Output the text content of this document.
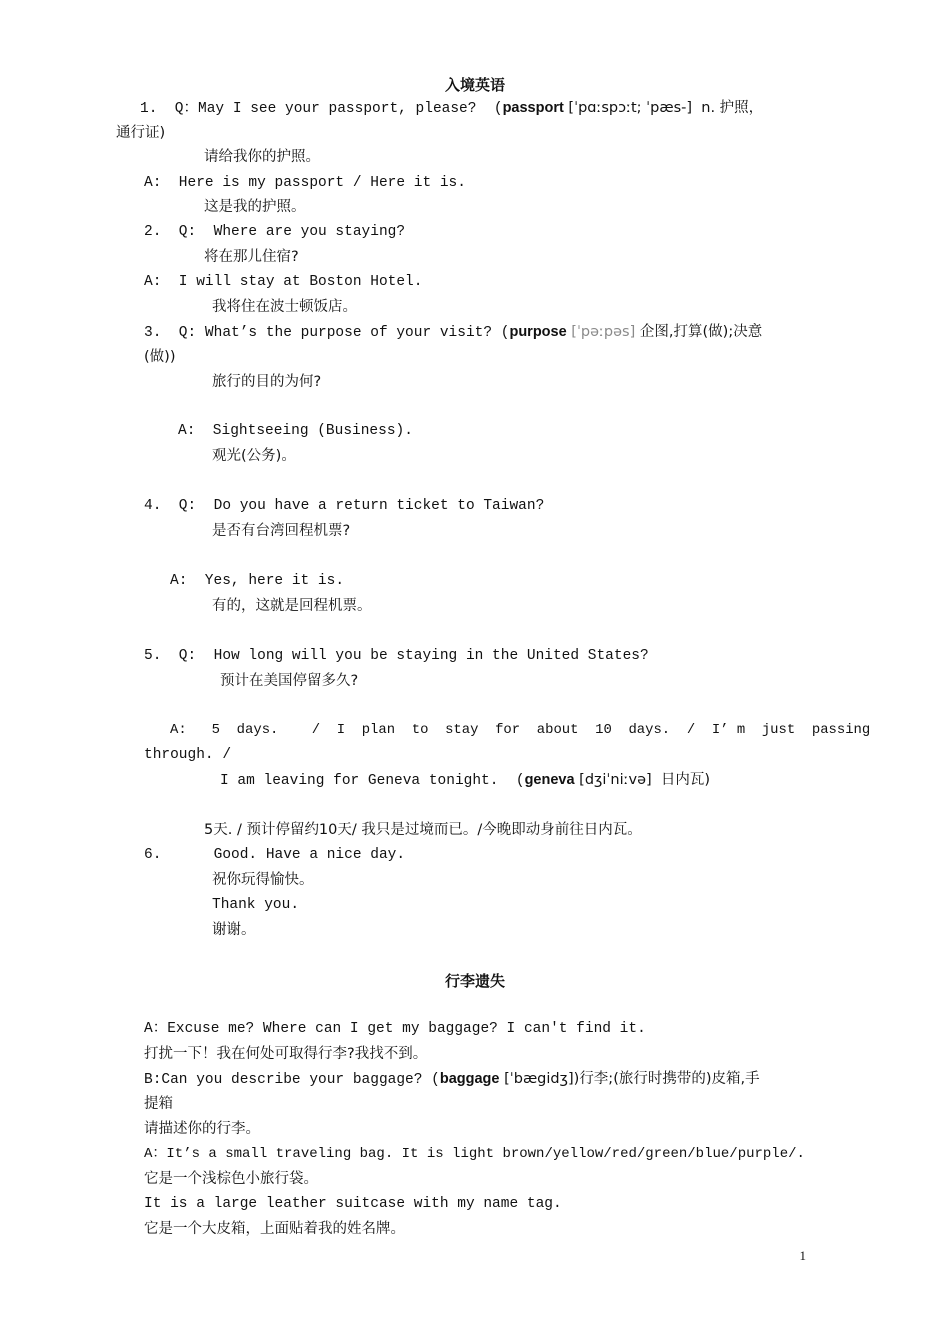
入境英语
1.  Q：May I see your passport, please?  (passport [ˈpɑːspɔːt; ˈpæs-]  n. 护照，
通行证)
请给我你的护照。
A:  Here is my passport / Here it is.
这是我的护照。
2.  Q:  Where are you staying?
将在那儿住宿?
A:  I will stay at Boston Hotel.
我将住在波士顿饭店。
3.  Q: What’s the purpose of your visit? (purpose [ˈpəːpəs] 企图,打算(做);决意
(做))
旅行的目的为何?
A:  Sightseeing (Business).
观光(公务)。
4.  Q:  Do you have a return ticket to Taiwan?
是否有台湾回程机票?
A:  Yes, here it is.
有的，这就是回程机票。
5.  Q:  How long will you be staying in the United States?
预计在美国停留多久?
A:   5  days.    /  I  plan  to  stay  for  about  10  days.  /  I’ m  just  passing
through. /
I am leaving for Geneva tonight.  (geneva [dʒiˈniːvə]  日内瓦)
5天. / 预计停留约10天/ 我只是过境而已。/今晚即动身前往日内瓦。
6.      Good. Have a nice day.
祝你玩得愉快。
Thank you.
谢谢。
行李遗失
A：Excuse me? Where can I get my baggage? I can't find it.
打扰一下！我在何处可取得行李?我找不到。
B:Can you describe your baggage? (baggage [ˈbægidʒ])行李;(旅行时携带的)皮箱,手
提箱
请描述你的行李。
A：It’s a small traveling bag. It is light brown/yellow/red/green/blue/purple/.
它是一个浅棕色小旅行袋。
It is a large leather suitcase with my name tag.
它是一个大皮箱，上面贴着我的姓名牌。
1
